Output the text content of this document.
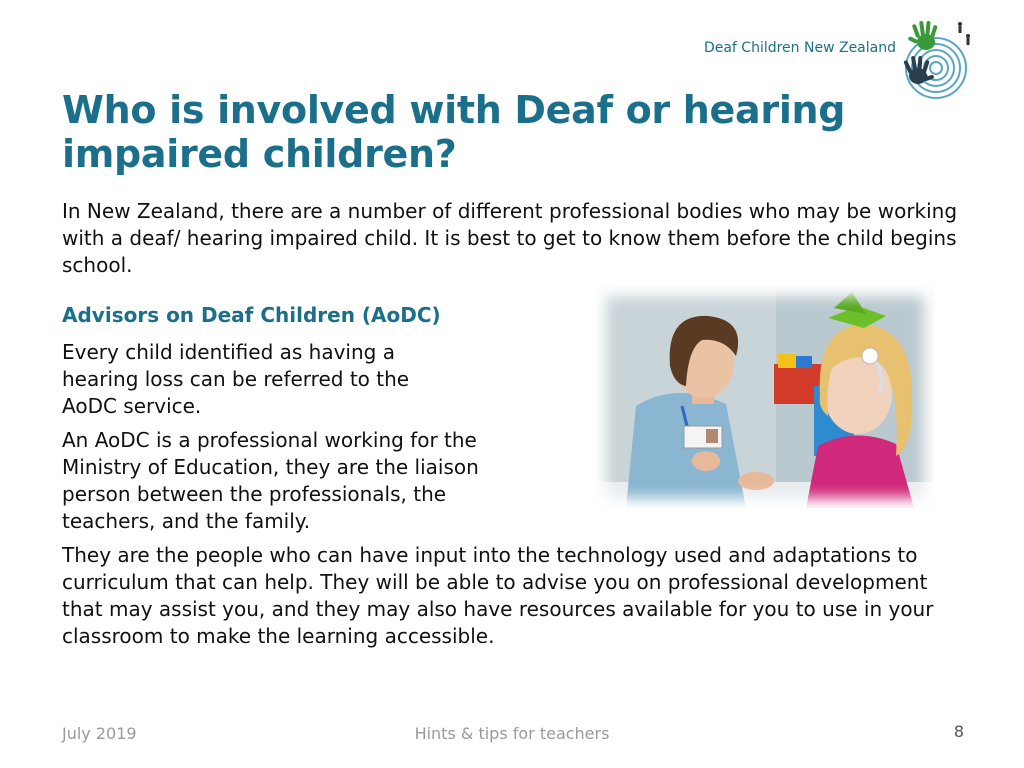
Deaf Children New Zealand
Who is involved with Deaf or hearing impaired children?

In New Zealand, there are a number of different professional bodies who may be working with a deaf/ hearing impaired child. It is best to get to know them before the child begins school.

Advisors on Deaf Children (AoDC)

Every child identified as having a hearing loss can be referred to the AoDC service.

An AoDC is a professional working for the Ministry of Education, they are the liaison person between the professionals, the teachers, and the family.

They are the people who can have input into the technology used and adaptations to curriculum that can help. They will be able to advise you on professional development that may assist you, and they may also have resources available for you to use in your classroom to make the learning accessible.

July 2019	Hints & tips for teachers	8
